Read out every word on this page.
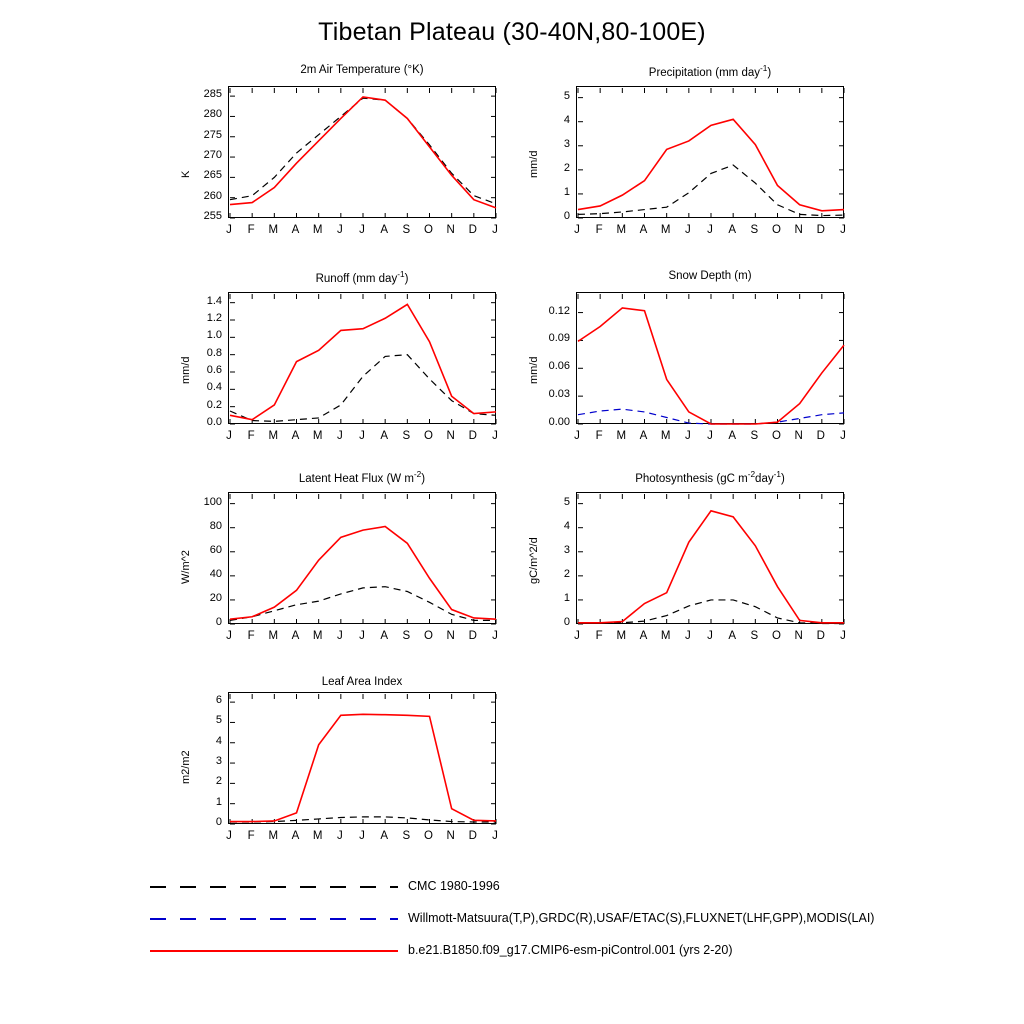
Tibetan Plateau (30-40N,80-100E)
2m Air Temperature (°K)
K
255
260
265
270
275
280
285
J	F	M	A	M	J	J	A	S	O	N	D	J
Precipitation (mm day$^{-1}$)
mm/d
0
1
2
3
4
5
J	F	M	A	M	J	J	A	S	O	N	D	J
Runoff (mm day$^{-1}$)
mm/d
0.0
0.2
0.4
0.6
0.8
1.0
1.2
1.4
J	F	M	A	M	J	J	A	S	O	N	D	J
Snow Depth (m)
mm/d
0.00
0.03
0.06
0.09
0.12
J	F	M	A	M	J	J	A	S	O	N	D	J
Latent Heat Flux (W $m^{-2}$)
W/m^2
0
20
40
60
80
100
J	F	M	A	M	J	J	A	S	O	N	D	J
Photosynthesis (gC $m^{-2}day^{-1}$)
gC/m^2/d
0
1
2
3
4
5
J	F	M	A	M	J	J	A	S	O	N	D	J
Leaf Area Index
m2/m2
0
1
2
3
4
5
6
J	F	M	A	M	J	J	A	S	O	N	D	J
CMC 1980-1996
Willmott-Matsuura(T,P),GRDC(R),USAF/ETAC(S),FLUXNET(LHF,GPP),MODIS(LAI)
b.e21.B1850.f09_g17.CMIP6-esm-piControl.001 (yrs 2-20)
